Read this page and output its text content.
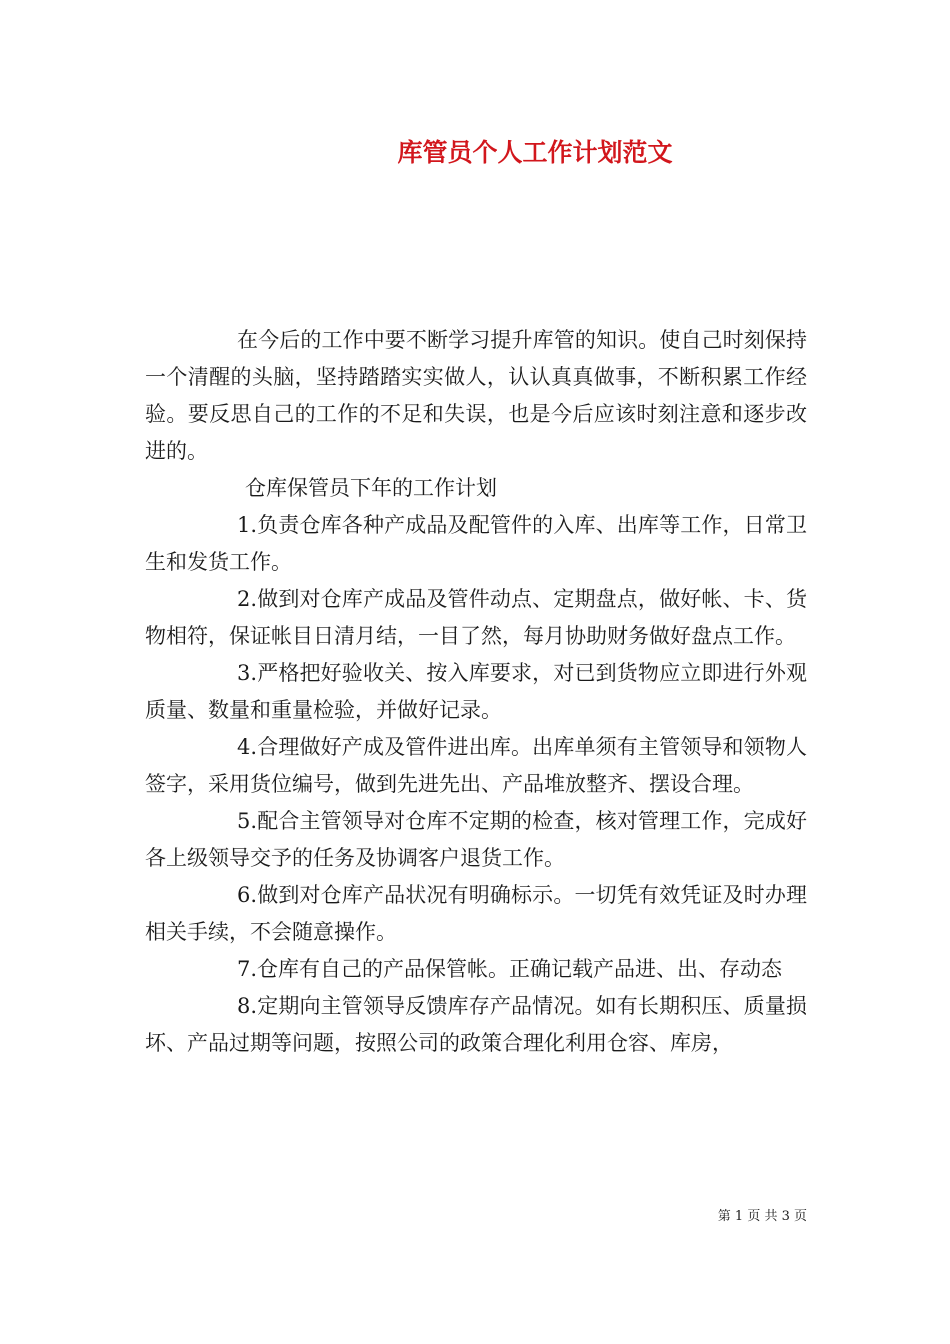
库管员个人工作计划范文

在今后的工作中要不断学习提升库管的知识。使自己时刻保持一个清醒的头脑，坚持踏踏实实做人，认认真真做事，不断积累工作经验。要反思自己的工作的不足和失误，也是今后应该时刻注意和逐步改进的。

仓库保管员下年的工作计划

1.负责仓库各种产成品及配管件的入库、出库等工作，日常卫生和发货工作。

2.做到对仓库产成品及管件动点、定期盘点，做好帐、卡、货物相符，保证帐目日清月结，一目了然，每月协助财务做好盘点工作。

3.严格把好验收关、按入库要求，对已到货物应立即进行外观质量、数量和重量检验，并做好记录。

4.合理做好产成及管件进出库。出库单须有主管领导和领物人签字，采用货位编号，做到先进先出、产品堆放整齐、摆设合理。

5.配合主管领导对仓库不定期的检查，核对管理工作，完成好各上级领导交予的任务及协调客户退货工作。

6.做到对仓库产品状况有明确标示。一切凭有效凭证及时办理相关手续，不会随意操作。

7.仓库有自己的产品保管帐。正确记载产品进、出、存动态

8.定期向主管领导反馈库存产品情况。如有长期积压、质量损坏、产品过期等问题，按照公司的政策合理化利用仓容、库房，

第 1 页 共 3 页
